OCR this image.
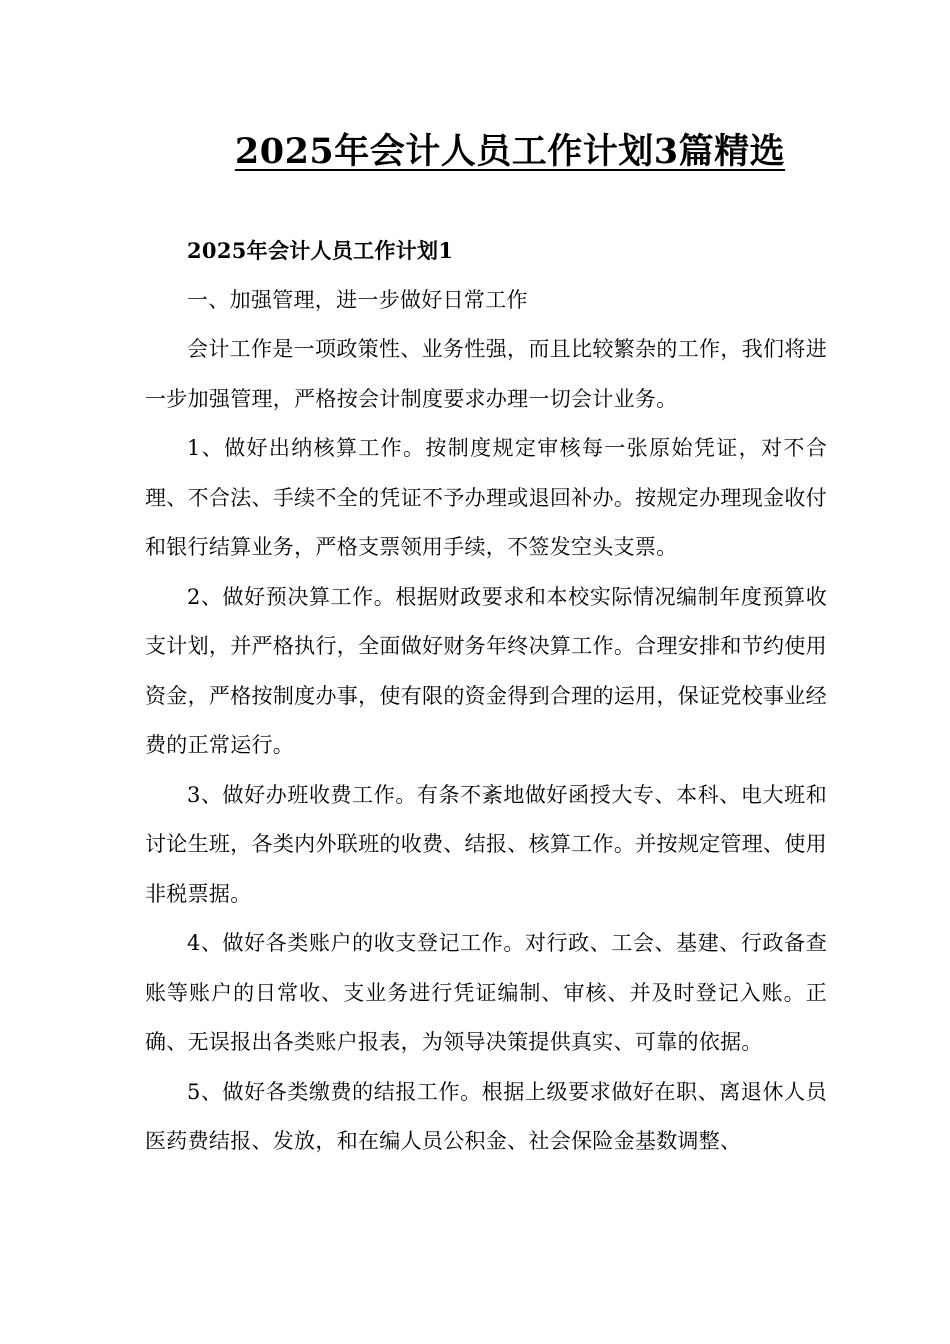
2025年会计人员工作计划3篇精选

2025年会计人员工作计划1

一、加强管理，进一步做好日常工作

会计工作是一项政策性、业务性强，而且比较繁杂的工作，我们将进一步加强管理，严格按会计制度要求办理一切会计业务。

1、做好出纳核算工作。按制度规定审核每一张原始凭证，对不合理、不合法、手续不全的凭证不予办理或退回补办。按规定办理现金收付和银行结算业务，严格支票领用手续，不签发空头支票。

2、做好预决算工作。根据财政要求和本校实际情况编制年度预算收支计划，并严格执行，全面做好财务年终决算工作。合理安排和节约使用资金，严格按制度办事，使有限的资金得到合理的运用，保证党校事业经费的正常运行。

3、做好办班收费工作。有条不紊地做好函授大专、本科、电大班和讨论生班，各类内外联班的收费、结报、核算工作。并按规定管理、使用非税票据。

4、做好各类账户的收支登记工作。对行政、工会、基建、行政备查账等账户的日常收、支业务进行凭证编制、审核、并及时登记入账。正确、无误报出各类账户报表，为领导决策提供真实、可靠的依据。

5、做好各类缴费的结报工作。根据上级要求做好在职、离退休人员医药费结报、发放，和在编人员公积金、社会保险金基数调整、
